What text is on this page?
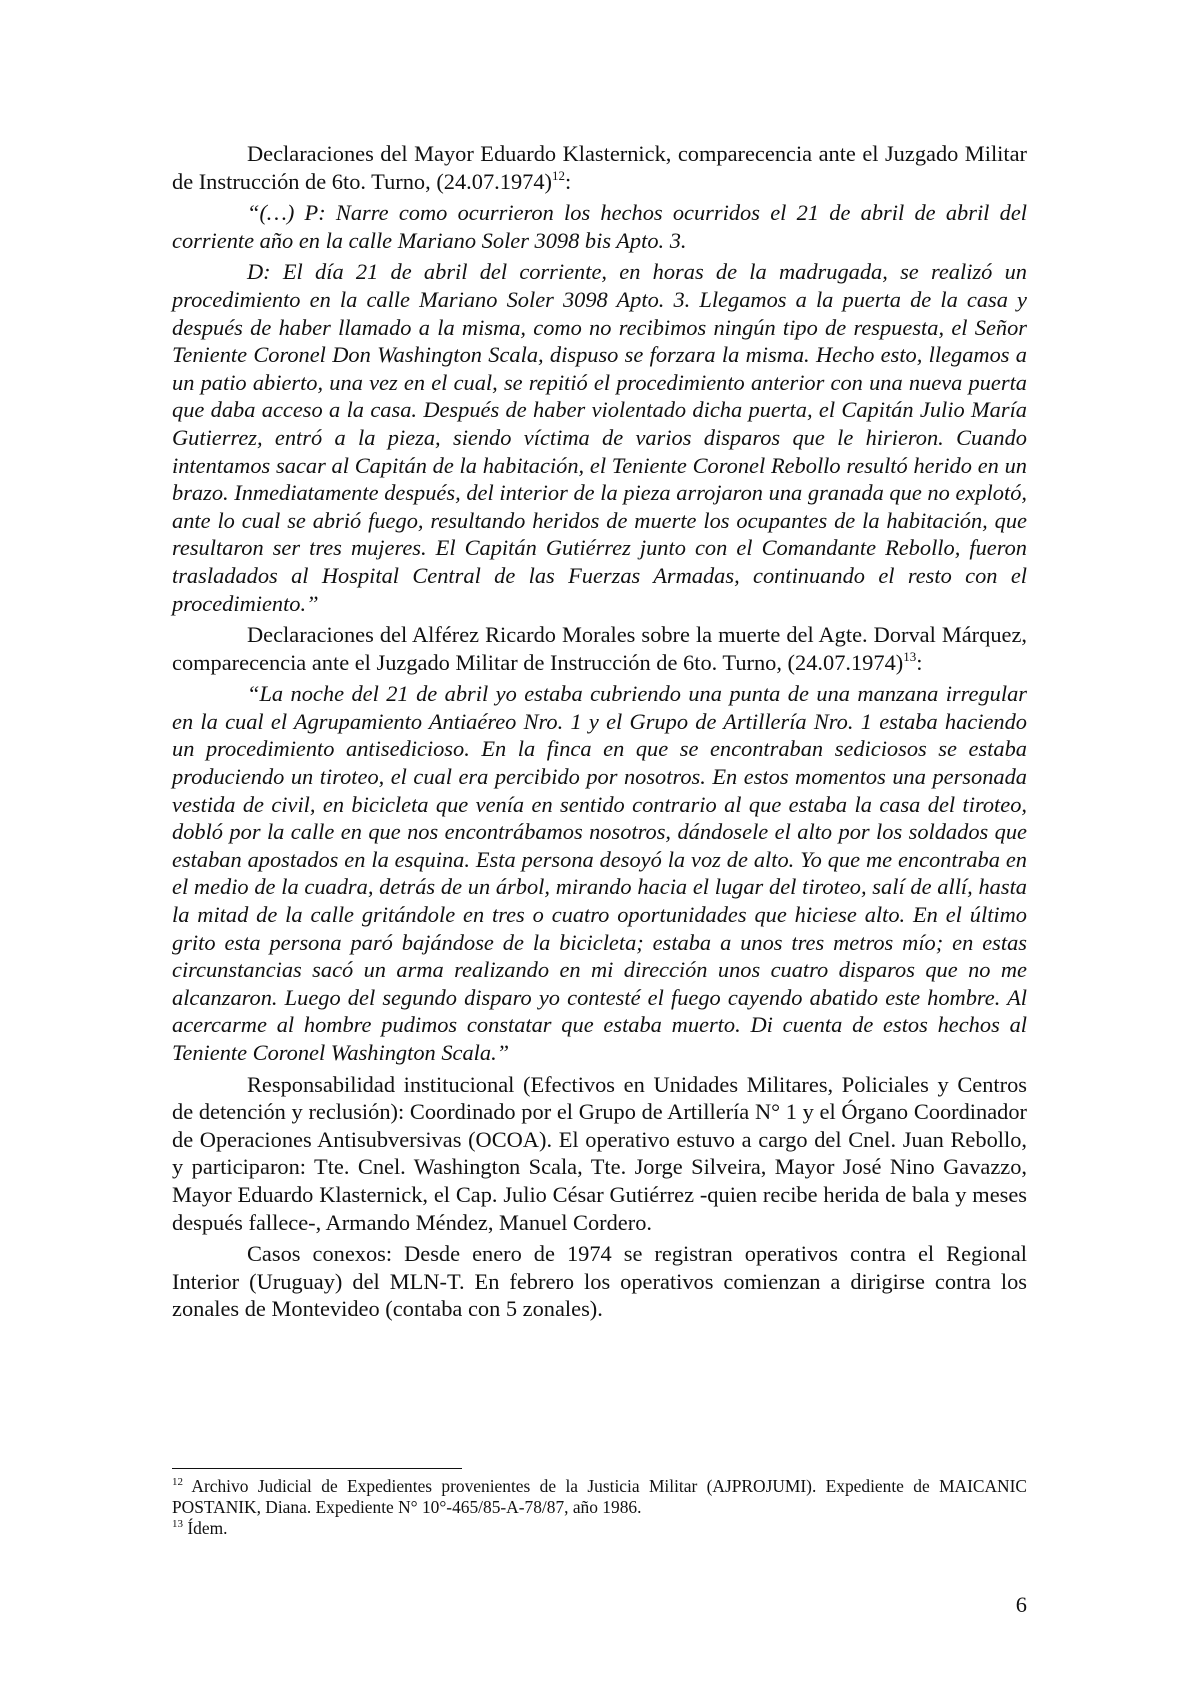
Declaraciones del Mayor Eduardo Klasternick, comparecencia ante el Juzgado Militar de Instrucción de 6to. Turno, $(24.07.1974)^{12}$:

“(…) P: Narre como ocurrieron los hechos ocurridos el 21 de abril de abril del corriente año en la calle Mariano Soler 3098 bis Apto. 3.

D: El día 21 de abril del corriente, en horas de la madrugada, se realizó un procedimiento en la calle Mariano Soler 3098 Apto. 3. Llegamos a la puerta de la casa y después de haber llamado a la misma, como no recibimos ningún tipo de respuesta, el Señor Teniente Coronel Don Washington Scala, dispuso se forzara la misma. Hecho esto, llegamos a un patio abierto, una vez en el cual, se repitió el procedimiento anterior con una nueva puerta que daba acceso a la casa. Después de haber violentado dicha puerta, el Capitán Julio María Gutierrez, entró a la pieza, siendo víctima de varios disparos que le hirieron. Cuando intentamos sacar al Capitán de la habitación, el Teniente Coronel Rebollo resultó herido en un brazo. Inmediatamente después, del interior de la pieza arrojaron una granada que no explotó, ante lo cual se abrió fuego, resultando heridos de muerte los ocupantes de la habitación, que resultaron ser tres mujeres. El Capitán Gutiérrez junto con el Comandante Rebollo, fueron trasladados al Hospital Central de las Fuerzas Armadas, continuando el resto con el procedimiento.”

Declaraciones del Alférez Ricardo Morales sobre la muerte del Agte. Dorval Márquez, comparecencia ante el Juzgado Militar de Instrucción de 6to. Turno, $(24.07.1974)^{13}$:

“La noche del 21 de abril yo estaba cubriendo una punta de una manzana irregular en la cual el Agrupamiento Antiaéreo Nro. 1 y el Grupo de Artillería Nro. 1 estaba haciendo un procedimiento antisedicioso. En la finca en que se encontraban sediciosos se estaba produciendo un tiroteo, el cual era percibido por nosotros. En estos momentos una personada vestida de civil, en bicicleta que venía en sentido contrario al que estaba la casa del tiroteo, dobló por la calle en que nos encontrábamos nosotros, dándosele el alto por los soldados que estaban apostados en la esquina. Esta persona desoyó la voz de alto. Yo que me encontraba en el medio de la cuadra, detrás de un árbol, mirando hacia el lugar del tiroteo, salí de allí, hasta la mitad de la calle gritándole en tres o cuatro oportunidades que hiciese alto. En el último grito esta persona paró bajándose de la bicicleta; estaba a unos tres metros mío; en estas circunstancias sacó un arma realizando en mi dirección unos cuatro disparos que no me alcanzaron. Luego del segundo disparo yo contesté el fuego cayendo abatido este hombre. Al acercarme al hombre pudimos constatar que estaba muerto. Di cuenta de estos hechos al Teniente Coronel Washington Scala.”

Responsabilidad institucional (Efectivos en Unidades Militares, Policiales y Centros de detención y reclusión): Coordinado por el Grupo de Artillería N° 1 y el Órgano Coordinador de Operaciones Antisubversivas (OCOA). El operativo estuvo a cargo del Cnel. Juan Rebollo, y participaron: Tte. Cnel. Washington Scala, Tte. Jorge Silveira, Mayor José Nino Gavazzo, Mayor Eduardo Klasternick, el Cap. Julio César Gutiérrez -quien recibe herida de bala y meses después fallece-, Armando Méndez, Manuel Cordero.

Casos conexos: Desde enero de 1974 se registran operativos contra el Regional Interior (Uruguay) del MLN-T. En febrero los operativos comienzan a dirigirse contra los zonales de Montevideo (contaba con 5 zonales).

$^{12}$ Archivo Judicial de Expedientes provenientes de la Justicia Militar (AJPROJUMI). Expediente de MAICANIC POSTANIK, Diana. Expediente N° 10°-465/85-A-78/87, año 1986.

$^{13}$ Ídem.

6
